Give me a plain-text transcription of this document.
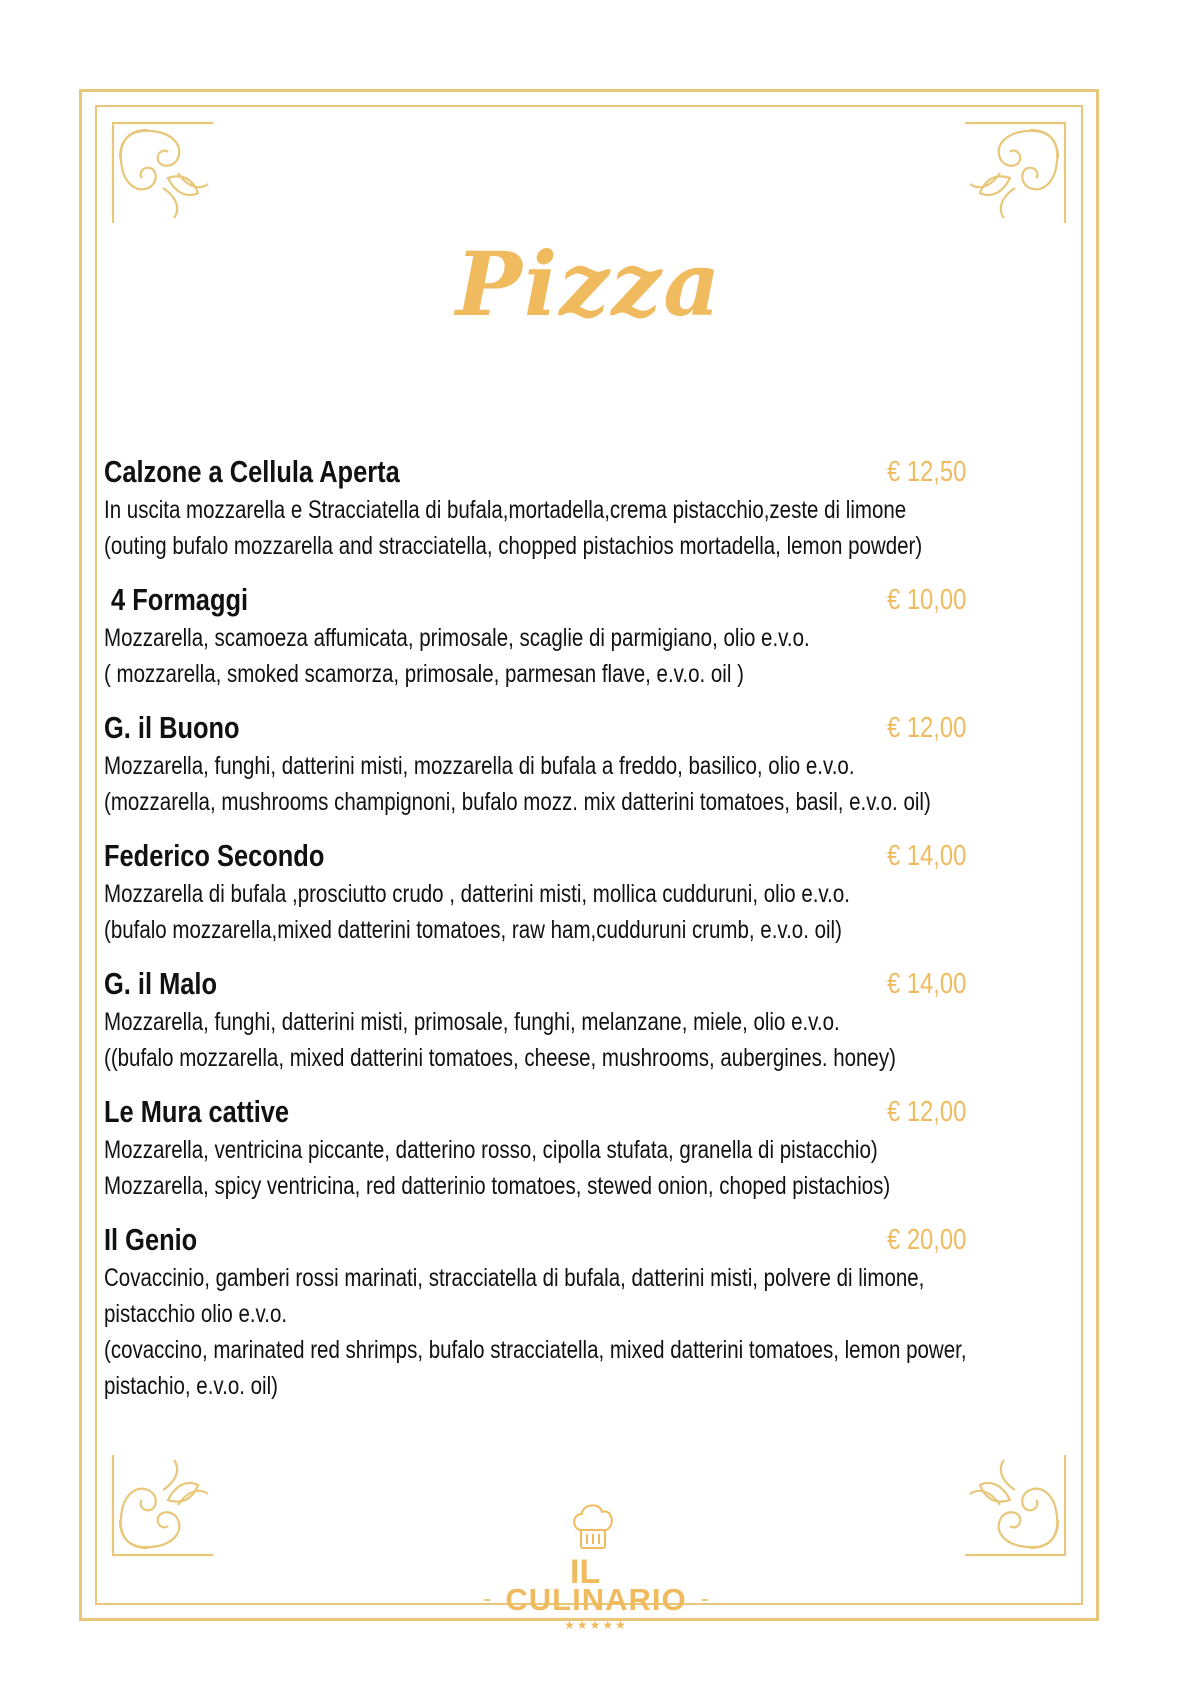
Pizza
Calzone a Cellula Aperta	€ 12,50
In uscita mozzarella e Stracciatella di bufala,mortadella,crema pistacchio,zeste di limone
(outing bufalo mozzarella and stracciatella, chopped pistachios mortadella, lemon powder)
4 Formaggi	€ 10,00
Mozzarella, scamoeza affumicata, primosale, scaglie di parmigiano, olio e.v.o.
( mozzarella, smoked scamorza, primosale, parmesan flave, e.v.o. oil )
G. il Buono	€ 12,00
Mozzarella, funghi, datterini misti, mozzarella di bufala a freddo, basilico, olio e.v.o.
(mozzarella, mushrooms champignoni, bufalo mozz. mix datterini tomatoes, basil, e.v.o. oil)
Federico Secondo	€ 14,00
Mozzarella di bufala ,prosciutto crudo , datterini misti, mollica cudduruni, olio e.v.o.
(bufalo mozzarella,mixed datterini tomatoes, raw ham,cudduruni crumb, e.v.o. oil)
G. il Malo	€ 14,00
Mozzarella, funghi, datterini misti, primosale, funghi, melanzane, miele, olio e.v.o.
((bufalo mozzarella, mixed datterini tomatoes, cheese, mushrooms, aubergines. honey)
Le Mura cattive	€ 12,00
Mozzarella, ventricina piccante, datterino rosso, cipolla stufata, granella di pistacchio)
Mozzarella, spicy ventricina, red datterinio tomatoes, stewed onion, choped pistachios)
Il Genio	€ 20,00
Covaccinio, gamberi rossi marinati, stracciatella di bufala, datterini misti, polvere di limone,
pistacchio olio e.v.o.
(covaccino, marinated red shrimps, bufalo stracciatella, mixed datterini tomatoes, lemon power,
pistachio, e.v.o. oil)
IL
CULINARIO
★★★★★
